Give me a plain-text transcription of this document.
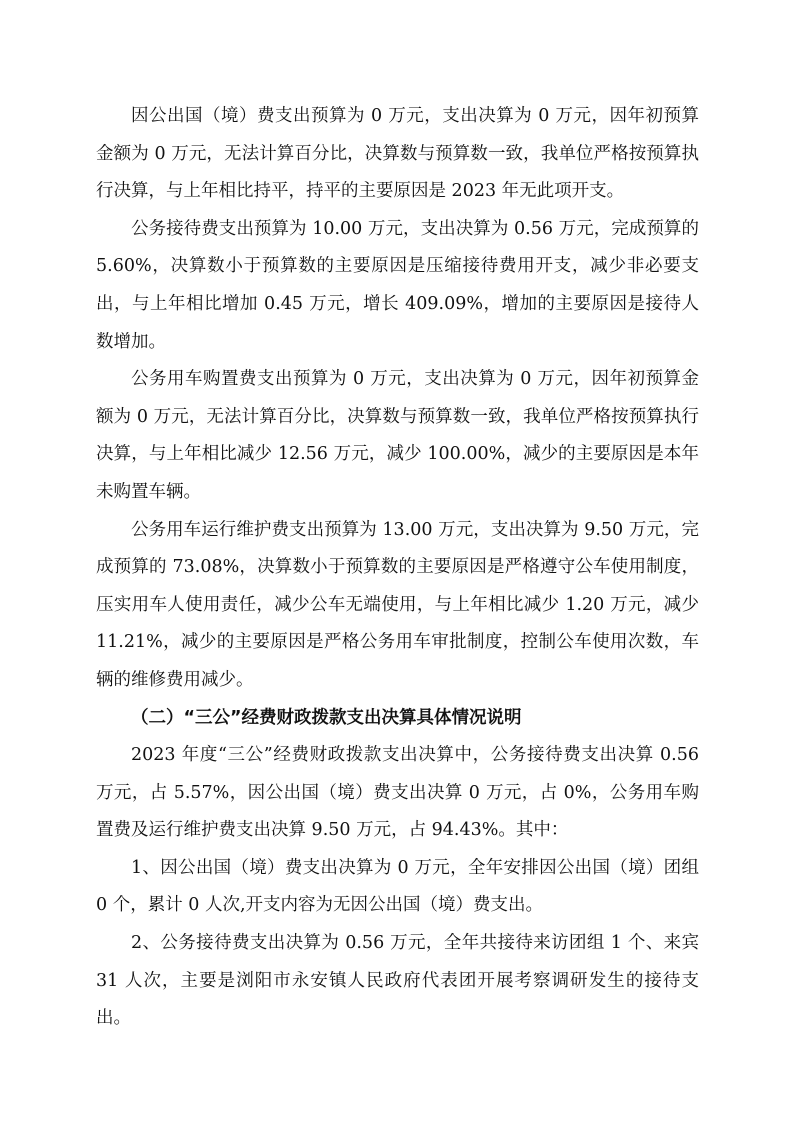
因公出国（境）费支出预算为 0 万元，支出决算为 0 万元，因年初预算金额为 0 万元，无法计算百分比，决算数与预算数一致，我单位严格按预算执行决算，与上年相比持平，持平的主要原因是 2023 年无此项开支。

公务接待费支出预算为 10.00 万元，支出决算为 0.56 万元，完成预算的 5.60%，决算数小于预算数的主要原因是压缩接待费用开支，减少非必要支出，与上年相比增加 0.45 万元，增长 409.09%，增加的主要原因是接待人数增加。

公务用车购置费支出预算为 0 万元，支出决算为 0 万元，因年初预算金额为 0 万元，无法计算百分比，决算数与预算数一致，我单位严格按预算执行决算，与上年相比减少 12.56 万元，减少 100.00%，减少的主要原因是本年未购置车辆。

公务用车运行维护费支出预算为 13.00 万元，支出决算为 9.50 万元，完成预算的 73.08%，决算数小于预算数的主要原因是严格遵守公车使用制度，压实用车人使用责任，减少公车无端使用，与上年相比减少 1.20 万元，减少 11.21%，减少的主要原因是严格公务用车审批制度，控制公车使用次数，车辆的维修费用减少。

（二）“三公”经费财政拨款支出决算具体情况说明

2023 年度“三公”经费财政拨款支出决算中，公务接待费支出决算 0.56 万元，占 5.57%，因公出国（境）费支出决算 0 万元，占 0%，公务用车购置费及运行维护费支出决算 9.50 万元，占 94.43%。其中：

1、因公出国（境）费支出决算为 0 万元，全年安排因公出国（境）团组 0 个，累计 0 人次,开支内容为无因公出国（境）费支出。

2、公务接待费支出决算为 0.56 万元，全年共接待来访团组 1 个、来宾 31 人次，主要是浏阳市永安镇人民政府代表团开展考察调研发生的接待支出。
